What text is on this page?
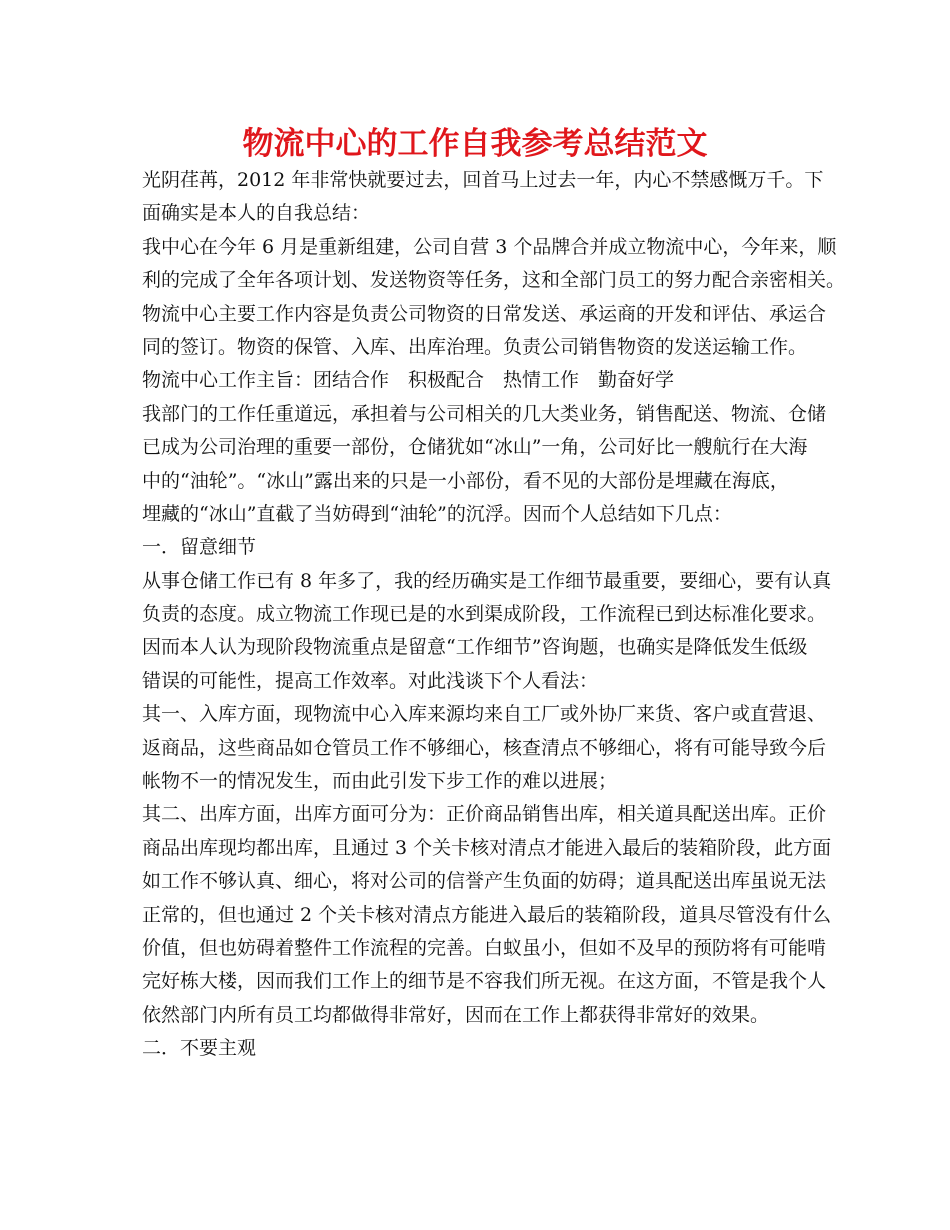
物流中心的工作自我参考总结范文
光阴荏苒，2012 年非常快就要过去，回首马上过去一年，内心不禁感慨万千。下
面确实是本人的自我总结：
我中心在今年 6 月是重新组建，公司自营 3 个品牌合并成立物流中心，今年来，顺
利的完成了全年各项计划、发送物资等任务，这和全部门员工的努力配合亲密相关。
物流中心主要工作内容是负责公司物资的日常发送、承运商的开发和评估、承运合
同的签订。物资的保管、入库、出库治理。负责公司销售物资的发送运输工作。
物流中心工作主旨：团结合作　积极配合　热情工作　勤奋好学
我部门的工作任重道远，承担着与公司相关的几大类业务，销售配送、物流、仓储
已成为公司治理的重要一部份，仓储犹如“冰山”一角，公司好比一艘航行在大海
中的“油轮”。“冰山”露出来的只是一小部份，看不见的大部份是埋藏在海底，
埋藏的“冰山”直截了当妨碍到“油轮”的沉浮。因而个人总结如下几点：
一．留意细节
从事仓储工作已有 8 年多了，我的经历确实是工作细节最重要，要细心，要有认真
负责的态度。成立物流工作现已是的水到渠成阶段，工作流程已到达标准化要求。
因而本人认为现阶段物流重点是留意“工作细节”咨询题，也确实是降低发生低级
错误的可能性，提高工作效率。对此浅谈下个人看法：
其一、入库方面，现物流中心入库来源均来自工厂或外协厂来货、客户或直营退、
返商品，这些商品如仓管员工作不够细心，核查清点不够细心，将有可能导致今后
帐物不一的情况发生，而由此引发下步工作的难以进展；
其二、出库方面，出库方面可分为：正价商品销售出库，相关道具配送出库。正价
商品出库现均都出库，且通过 3 个关卡核对清点才能进入最后的装箱阶段，此方面
如工作不够认真、细心，将对公司的信誉产生负面的妨碍；道具配送出库虽说无法
正常的，但也通过 2 个关卡核对清点方能进入最后的装箱阶段，道具尽管没有什么
价值，但也妨碍着整件工作流程的完善。白蚁虽小，但如不及早的预防将有可能啃
完好栋大楼，因而我们工作上的细节是不容我们所无视。在这方面，不管是我个人
依然部门内所有员工均都做得非常好，因而在工作上都获得非常好的效果。
二．不要主观
